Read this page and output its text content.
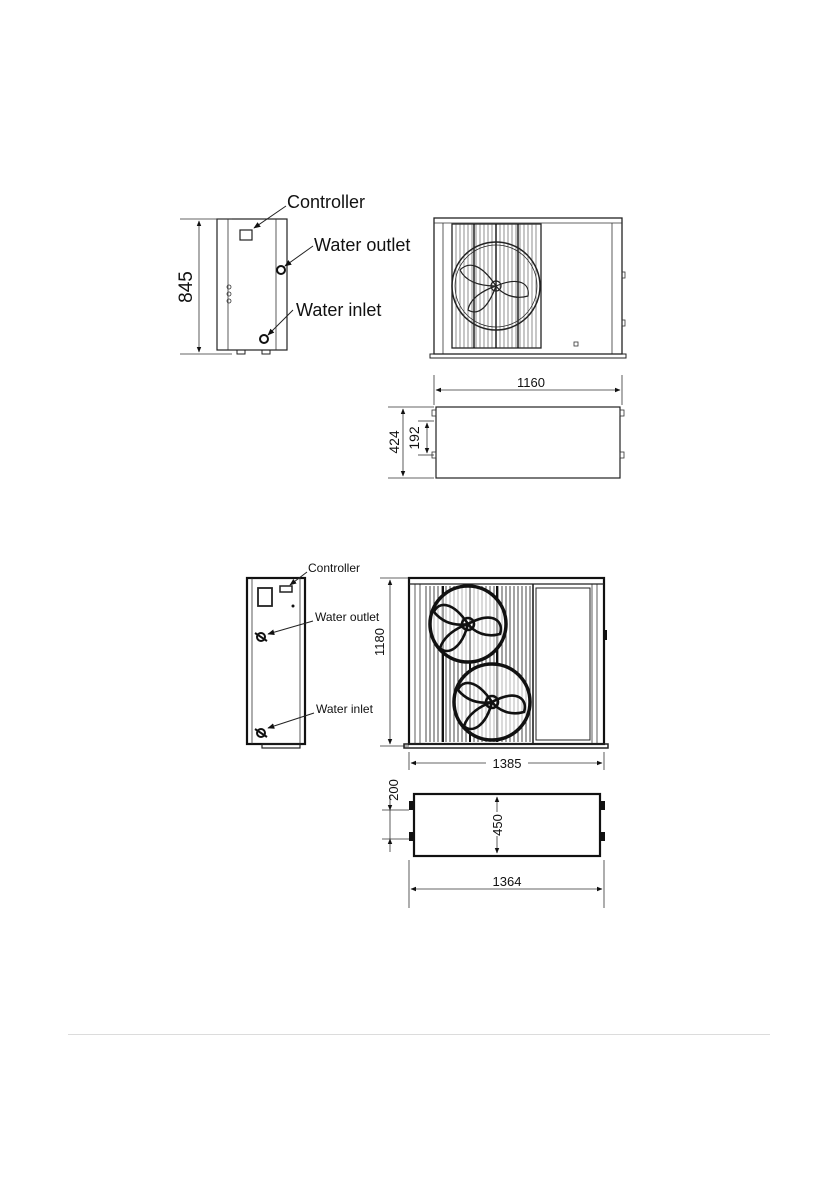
Controller
Water outlet
Water inlet
845
1160
424 192
Controller
Water outlet
Water inlet
1180
1385
450
200
1364
